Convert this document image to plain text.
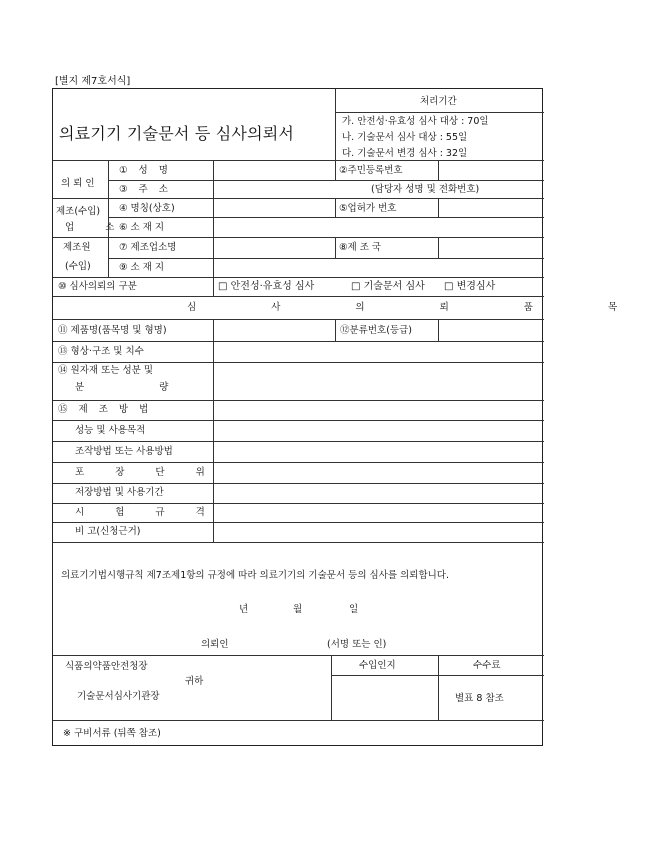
[별지 제7호서식]
의료기기 기술문서 등 심사의뢰서
처리기간
가. 안전성·유효성 심사 대상 : 70일
나. 기술문서 심사 대상 : 55일
다. 기술문서 변경 심사 : 32일
의 뢰 인
① 성 명	②주민등록번호
③ 주 소	(담당자 성명 및 전화번호)
제조(수입)
업 소
④ 명칭(상호)	⑤업허가 번호
⑥ 소 재 지
제조원
(수입)
⑦ 제조업소명	⑧제 조 국
⑨ 소 재 지
⑩ 심사의뢰의 구분	□ 안전성·유효성 심사	□ 기술문서 심사 □ 변경심사
심 사 의 뢰 품 목
⑪ 제품명(품목명 및 형명)	⑫분류번호(등급)
⑬ 형상·구조 및 치수
⑭ 원자재 또는 성분 및
분 량
⑮ 제 조 방 법
성능 및 사용목적
조작방법 또는 사용방법
포 장 단 위
저장방법 및 사용기간
시 험 규 격
비 고(신청근거)
의료기기법시행규칙 제7조제1항의 규정에 따라 의료기기의 기술문서 등의 심사를 의뢰합니다.
년	월	일
의뢰인	(서명 또는 인)
식품의약품안전청장
귀하
기술문서심사기관장
수입인지	수수료
별표 8 참조
※ 구비서류 (뒤쪽 참조)
